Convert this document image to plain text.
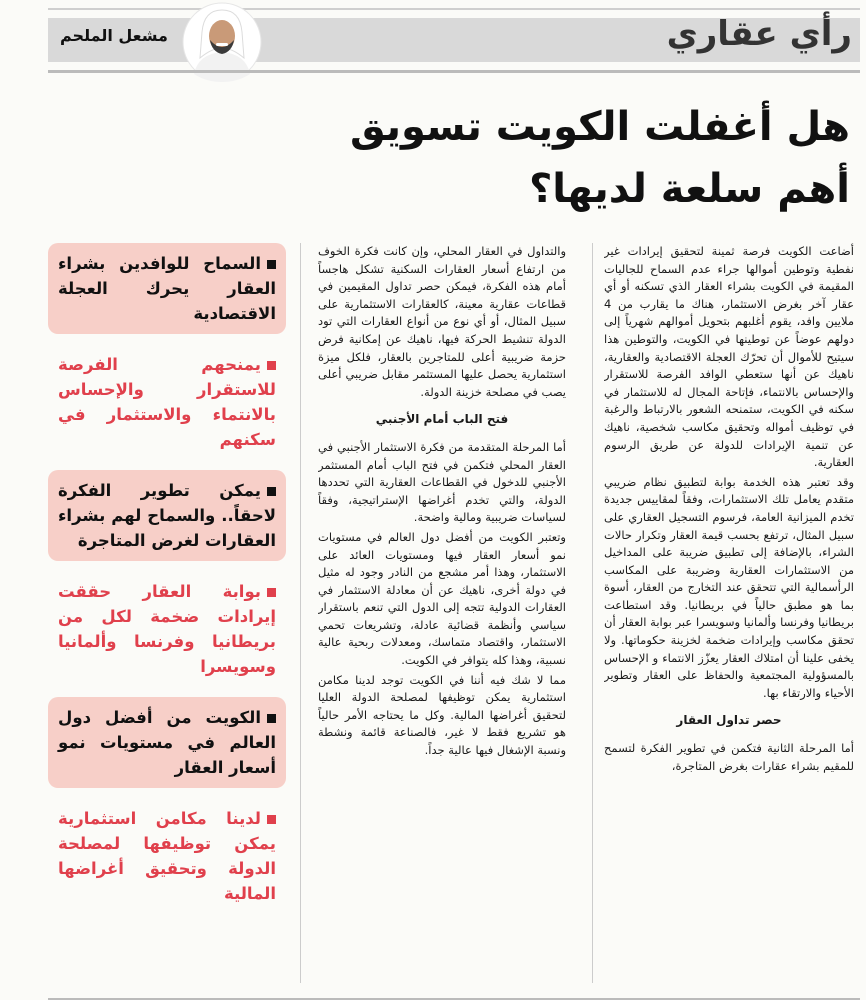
رأي عقاري
مشعل الملحم
هل أغفلت الكويت تسويق
أهم سلعة لديها؟

أضاعت الكويت فرصة ثمينة لتحقيق إيرادات غير نفطية وتوطين أموالها جراء عدم السماح للجاليات المقيمة في الكويت بشراء العقار الذي تسكنه أو أي عقار آخر بغرض الاستثمار، هناك ما يقارب من 4 ملايين وافد، يقوم أغلبهم بتحويل أموالهم شهرياً إلى دولهم عوضاً عن توطينها في الكويت، والتوطين هذا سيتيح للأموال أن تحرّك العجلة الاقتصادية والعقارية، ناهيك عن أنها ستعطي الوافد الفرصة للاستقرار والإحساس بالانتماء، فإتاحة المجال له للاستثمار في سكنه في الكويت، ستمنحه الشعور بالارتباط والرغبة في توظيف أمواله وتحقيق مكاسب شخصية، ناهيك عن تنمية الإيرادات للدولة عن طريق الرسوم العقارية.

وقد تعتبر هذه الخدمة بوابة لتطبيق نظام ضريبي متقدم يعامل تلك الاستثمارات، وفقاً لمقاييس جديدة تخدم الميزانية العامة، فرسوم التسجيل العقاري على سبيل المثال، ترتفع بحسب قيمة العقار وتكرار حالات الشراء، بالإضافة إلى تطبيق ضريبة على المداخيل من الاستثمارات العقارية وضريبة على المكاسب الرأسمالية التي تتحقق عند التخارج من العقار، أسوة بما هو مطبق حالياً في بريطانيا. وقد استطاعت بريطانيا وفرنسا وألمانيا وسويسرا عبر بوابة العقار أن تحقق مكاسب وإيرادات ضخمة لخزينة حكوماتها. ولا يخفى علينا أن امتلاك العقار يعزّز الانتماء و الإحساس بالمسؤولية المجتمعية والحفاظ على العقار وتطوير الأحياء والارتقاء بها.

حصر تداول العقار

أما المرحلة الثانية فتكمن في تطوير الفكرة لتسمح للمقيم بشراء عقارات بغرض المتاجرة،

والتداول في العقار المحلي، وإن كانت فكرة الخوف من ارتفاع أسعار العقارات السكنية تشكل هاجساً أمام هذه الفكرة، فيمكن حصر تداول المقيمين في قطاعات عقارية معينة، كالعقارات الاستثمارية على سبيل المثال، أو أي نوع من أنواع العقارات التي تود الدولة تنشيط الحركة فيها، ناهيك عن إمكانية فرض حزمة ضريبية أعلى للمتاجرين بالعقار، فلكل ميزة استثمارية يحصل عليها المستثمر مقابل ضريبي أعلى يصب في مصلحة خزينة الدولة.

فتح الباب أمام الأجنبي

أما المرحلة المتقدمة من فكرة الاستثمار الأجنبي في العقار المحلي فتكمن في فتح الباب أمام المستثمر الأجنبي للدخول في القطاعات العقارية التي تحددها الدولة، والتي تخدم أغراضها الإستراتيجية، وفقاً لسياسات ضريبية ومالية واضحة.

وتعتبر الكويت من أفضل دول العالم في مستويات نمو أسعار العقار فيها ومستويات العائد على الاستثمار، وهذا أمر مشجع من النادر وجود له مثيل في دولة أخرى، ناهيك عن أن معادلة الاستثمار في العقارات الدولية تتجه إلى الدول التي تنعم باستقرار سياسي وأنظمة قضائية عادلة، وتشريعات تحمي الاستثمار، واقتصاد متماسك، ومعدلات ربحية عالية نسبية، وهذا كله يتوافر في الكويت.

مما لا شك فيه أننا في الكويت توجد لدينا مكامن استثمارية يمكن توظيفها لمصلحة الدولة العليا لتحقيق أغراضها المالية. وكل ما يحتاجه الأمر حالياً هو تشريع فقط لا غير، فالصناعة قائمة ونشطة ونسبة الإشغال فيها عالية جداً.

السماح للوافدين بشراء العقار يحرك العجلة الاقتصادية
يمنحهم الفرصة للاستقرار والإحساس بالانتماء والاستثمار في سكنهم
يمكن تطوير الفكرة لاحقاً.. والسماح لهم بشراء العقارات لغرض المتاجرة
بوابة العقار حققت إيرادات ضخمة لكل من بريطانيا وفرنسا وألمانيا وسويسرا
الكويت من أفضل دول العالم في مستويات نمو أسعار العقار
لدينا مكامن استثمارية يمكن توظيفها لمصلحة الدولة وتحقيق أغراضها المالية
